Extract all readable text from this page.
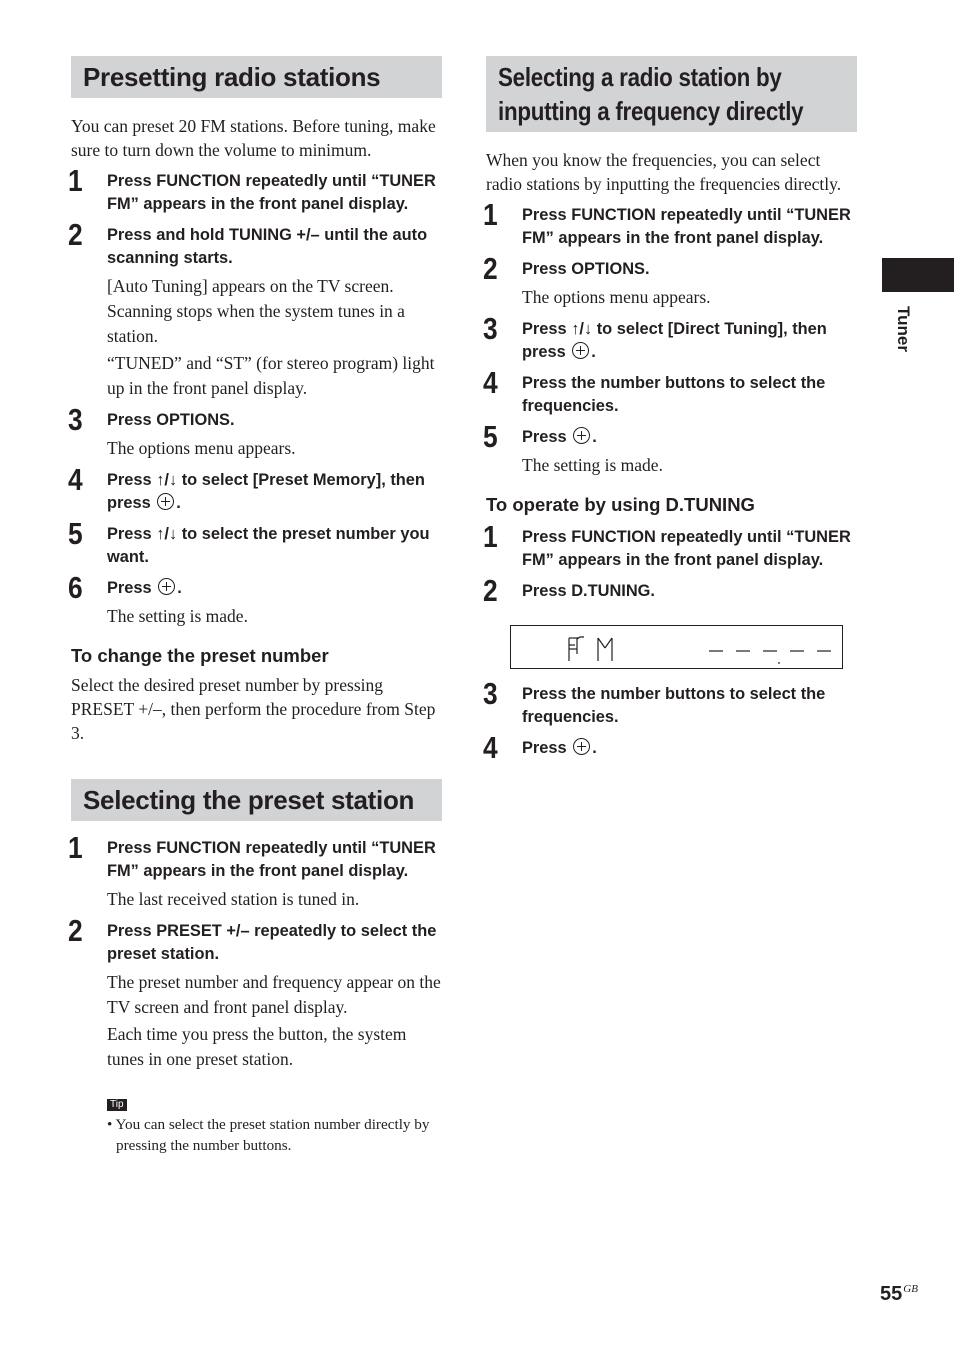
Tuner
Presetting radio stations

You can preset 20 FM stations. Before tuning, make sure to turn down the volume to minimum.

1 Press FUNCTION repeatedly until “TUNER FM” appears in the front panel display.

2 Press and hold TUNING +/– until the auto scanning starts.

[Auto Tuning] appears on the TV screen. Scanning stops when the system tunes in a station.

“TUNED” and “ST” (for stereo program) light up in the front panel display.

3 Press OPTIONS.

The options menu appears.

4 Press ↑/↓ to select [Preset Memory], then press .

5 Press ↑/↓ to select the preset number you want.

6 Press .

The setting is made.

To change the preset number

Select the desired preset number by pressing PRESET +/–, then perform the procedure from Step 3.

Selecting the preset station
1 Press FUNCTION repeatedly until “TUNER FM” appears in the front panel display.

The last received station is tuned in.

2 Press PRESET +/– repeatedly to select the preset station.

The preset number and frequency appear on the TV screen and front panel display.

Each time you press the button, the system tunes in one preset station.

Tip

• You can select the preset station number directly by pressing the number buttons.

Selecting a radio station by
inputting a frequency directly

When you know the frequencies, you can select radio stations by inputting the frequencies directly.

1 Press FUNCTION repeatedly until “TUNER FM” appears in the front panel display.

2 Press OPTIONS.

The options menu appears.

3 Press ↑/↓ to select [Direct Tuning], then press .

4 Press the number buttons to select the frequencies.

5 Press .

The setting is made.

To operate by using D.TUNING
1 Press FUNCTION repeatedly until “TUNER FM” appears in the front panel display.

2 Press D.TUNING.

3 Press the number buttons to select the frequencies.

4 Press .

$55^{GB}$
